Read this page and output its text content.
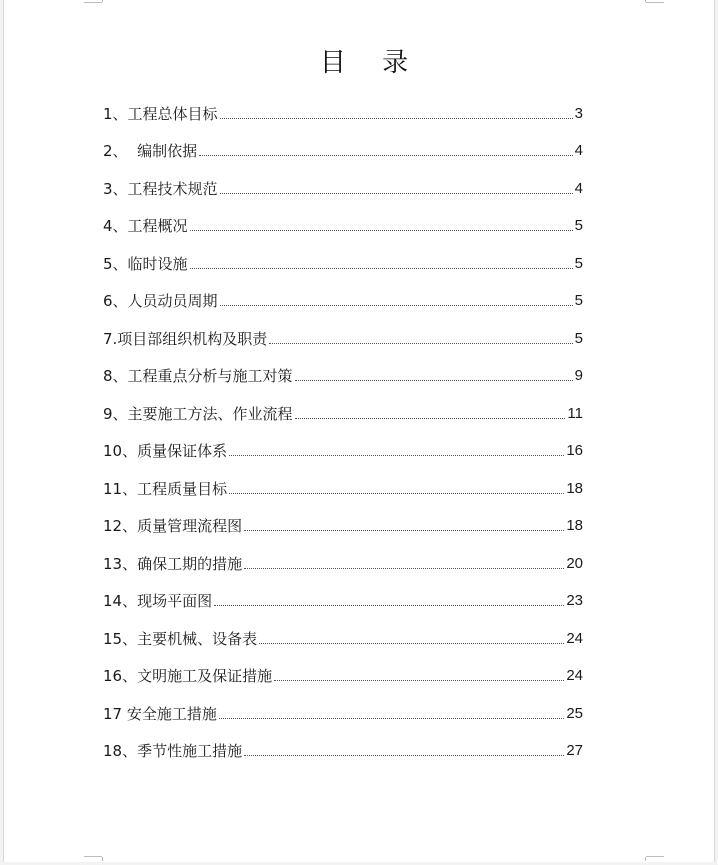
目 录
1、工程总体目标	3
2、  编制依据	4
3、工程技术规范	4
4、工程概况	5
5、临时设施	5
6、人员动员周期	5
7.项目部组织机构及职责	5
8、工程重点分析与施工对策	9
9、主要施工方法、作业流程	11
10、质量保证体系	16
11、工程质量目标	18
12、质量管理流程图	18
13、确保工期的措施	20
14、现场平面图	23
15、主要机械、设备表	24
16、文明施工及保证措施	24
17 安全施工措施	25
18、季节性施工措施	27
